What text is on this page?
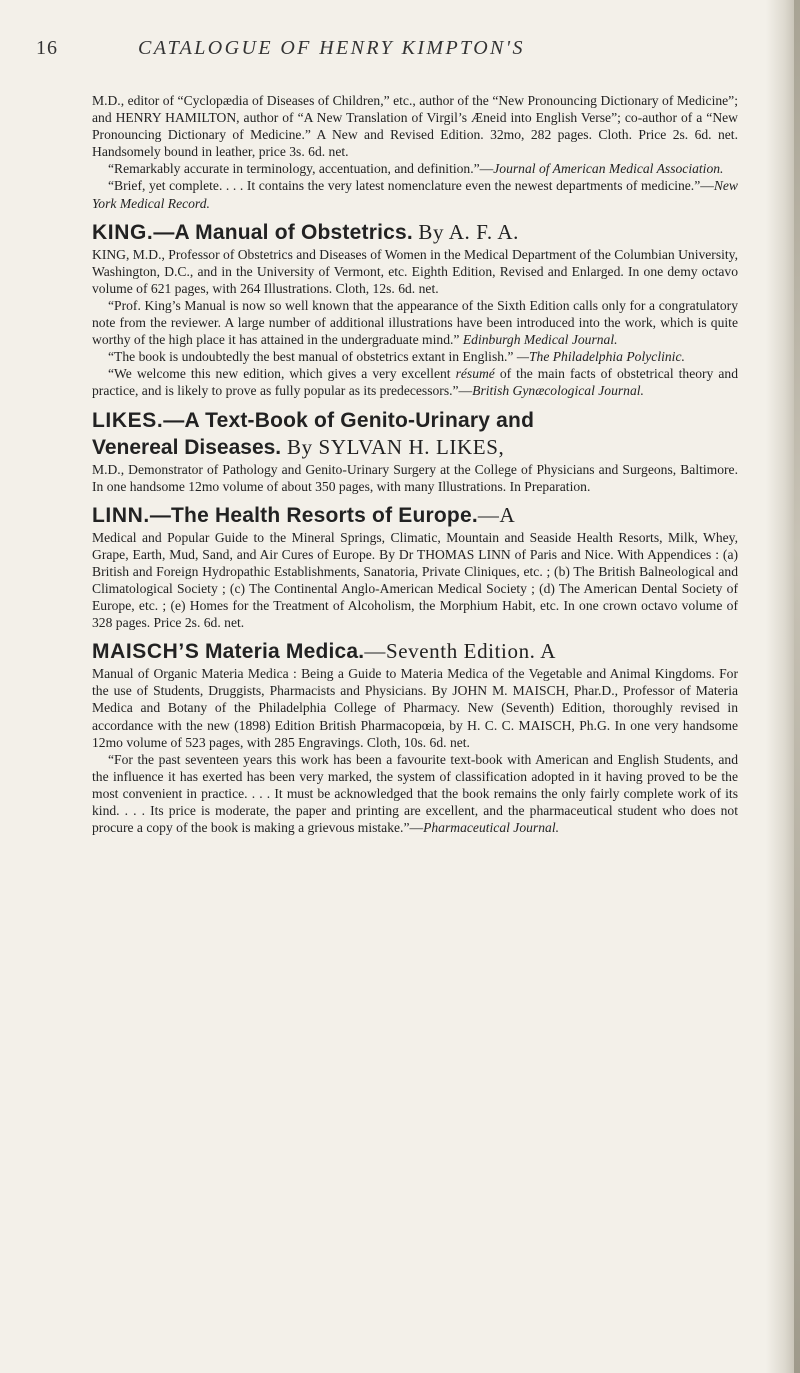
16	CATALOGUE OF HENRY KIMPTON'S

M.D., editor of “Cyclopædia of Diseases of Children,” etc., author of the “New Pronouncing Dictionary of Medicine”; and HENRY HAMILTON, author of “A New Translation of Virgil’s Æneid into English Verse”; co-author of a “New Pronouncing Dictionary of Medicine.” A New and Revised Edition. 32mo, 282 pages. Cloth. Price 2s. 6d. net. Handsomely bound in leather, price 3s. 6d. net.

“Remarkably accurate in terminology, accentuation, and definition.”—Journal of American Medical Association.

“Brief, yet complete. . . . It contains the very latest nomenclature even the newest departments of medicine.”—New York Medical Record.

KING.—A Manual of Obstetrics. By A. F. A.

KING, M.D., Professor of Obstetrics and Diseases of Women in the Medical Department of the Columbian University, Washington, D.C., and in the University of Vermont, etc. Eighth Edition, Revised and Enlarged. In one demy octavo volume of 621 pages, with 264 Illustrations. Cloth, 12s. 6d. net.

“Prof. King’s Manual is now so well known that the appearance of the Sixth Edition calls only for a congratulatory note from the reviewer. A large number of additional illustrations have been introduced into the work, which is quite worthy of the high place it has attained in the undergraduate mind.” Edinburgh Medical Journal.

“The book is undoubtedly the best manual of obstetrics extant in English.” —The Philadelphia Polyclinic.

“We welcome this new edition, which gives a very excellent résumé of the main facts of obstetrical theory and practice, and is likely to prove as fully popular as its predecessors.”—British Gynæcological Journal.

LIKES.—A Text-Book of Genito-Urinary and

Venereal Diseases. By SYLVAN H. LIKES,

M.D., Demonstrator of Pathology and Genito-Urinary Surgery at the College of Physicians and Surgeons, Baltimore. In one handsome 12mo volume of about 350 pages, with many Illustrations. In Preparation.

LINN.—The Health Resorts of Europe.—A

Medical and Popular Guide to the Mineral Springs, Climatic, Mountain and Seaside Health Resorts, Milk, Whey, Grape, Earth, Mud, Sand, and Air Cures of Europe. By Dr THOMAS LINN of Paris and Nice. With Appendices : (a) British and Foreign Hydropathic Establishments, Sanatoria, Private Cliniques, etc. ; (b) The British Balneological and Climatological Society ; (c) The Continental Anglo-American Medical Society ; (d) The American Dental Society of Europe, etc. ; (e) Homes for the Treatment of Alcoholism, the Morphium Habit, etc. In one crown octavo volume of 328 pages. Price 2s. 6d. net.

MAISCH’S Materia Medica.—Seventh Edition. A

Manual of Organic Materia Medica : Being a Guide to Materia Medica of the Vegetable and Animal Kingdoms. For the use of Students, Druggists, Pharmacists and Physicians. By JOHN M. MAISCH, Phar.D., Professor of Materia Medica and Botany of the Philadelphia College of Pharmacy. New (Seventh) Edition, thoroughly revised in accordance with the new (1898) Edition British Pharmacopœia, by H. C. C. MAISCH, Ph.G. In one very handsome 12mo volume of 523 pages, with 285 Engravings. Cloth, 10s. 6d. net.

“For the past seventeen years this work has been a favourite text-book with American and English Students, and the influence it has exerted has been very marked, the system of classification adopted in it having proved to be the most convenient in practice. . . . It must be acknowledged that the book remains the only fairly complete work of its kind. . . . Its price is moderate, the paper and printing are excellent, and the pharmaceutical student who does not procure a copy of the book is making a grievous mistake.”—Pharmaceutical Journal.
